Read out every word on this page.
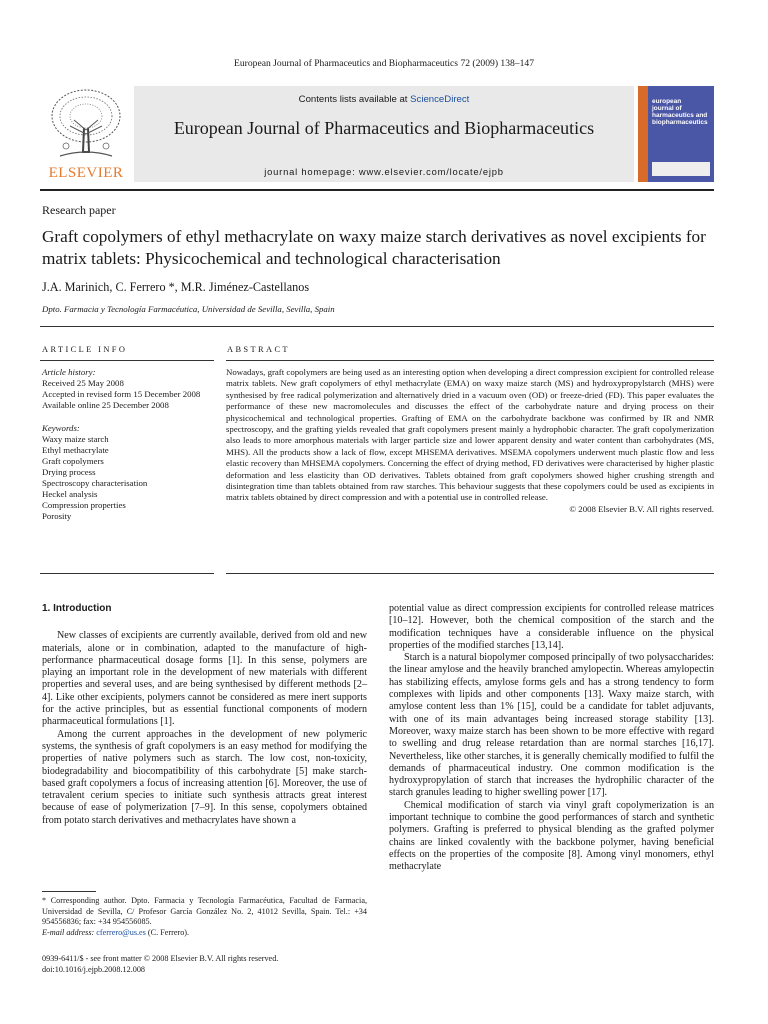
European Journal of Pharmaceutics and Biopharmaceutics 72 (2009) 138–147
ELSEVIER
Contents lists available at ScienceDirect
European Journal of Pharmaceutics and Biopharmaceutics
journal homepage: www.elsevier.com/locate/ejpb
european
journal of
harmaceutics and
biopharmaceutics
Research paper
Graft copolymers of ethyl methacrylate on waxy maize starch derivatives as novel excipients for matrix tablets: Physicochemical and technological characterisation
J.A. Marinich, C. Ferrero *, M.R. Jiménez-Castellanos
Dpto. Farmacia y Tecnología Farmacéutica, Universidad de Sevilla, Sevilla, Spain
ARTICLE INFO	ABSTRACT
Article history:
Received 25 May 2008
Accepted in revised form 15 December 2008
Available online 25 December 2008
Keywords:
Waxy maize starch
Ethyl methacrylate
Graft copolymers
Drying process
Spectroscopy characterisation
Heckel analysis
Compression properties
Porosity
Nowadays, graft copolymers are being used as an interesting option when developing a direct compression excipient for controlled release matrix tablets. New graft copolymers of ethyl methacrylate (EMA) on waxy maize starch (MS) and hydroxypropylstarch (MHS) were synthesised by free radical polymerization and alternatively dried in a vacuum oven (OD) or freeze-dried (FD). This paper evaluates the performance of these new macromolecules and discusses the effect of the carbohydrate nature and drying process on their physicochemical and technological properties. Grafting of EMA on the carbohydrate backbone was confirmed by IR and NMR spectroscopy, and the grafting yields revealed that graft copolymers present mainly a hydrophobic character. The graft copolymerization also leads to more amorphous materials with larger particle size and lower apparent density and water content than carbohydrates (MS, MHS). All the products show a lack of flow, except MHSEMA derivatives. MSEMA copolymers underwent much plastic flow and less elastic recovery than MHSEMA copolymers. Concerning the effect of drying method, FD derivatives were characterised by higher plastic deformation and less elasticity than OD derivatives. Tablets obtained from graft copolymers showed higher crushing strength and disintegration time than tablets obtained from raw starches. This behaviour suggests that these copolymers could be used as excipients in matrix tablets obtained by direct compression and with a potential use in controlled release.
© 2008 Elsevier B.V. All rights reserved.
1. Introduction

New classes of excipients are currently available, derived from old and new materials, alone or in combination, adapted to the manufacture of high-performance pharmaceutical dosage forms [1]. In this sense, polymers are playing an important role in the development of new materials with different properties and several uses, and are being synthesised by different methods [2–4]. Like other excipients, polymers cannot be considered as mere inert supports for the active principles, but as essential functional components of modern pharmaceutical formulations [1].

Among the current approaches in the development of new polymeric systems, the synthesis of graft copolymers is an easy method for modifying the properties of native polymers such as starch. The low cost, non-toxicity, biodegradability and biocompatibility of this carbohydrate [5] make starch-based graft copolymers a focus of increasing attention [6]. Moreover, the use of tetravalent cerium species to initiate such synthesis attracts great interest because of ease of polymerization [7–9]. In this sense, copolymers obtained from potato starch derivatives and methacrylates have shown a

potential value as direct compression excipients for controlled release matrices [10–12]. However, both the chemical composition of the starch and the modification techniques have a considerable influence on the physical properties of the modified starches [13,14].

Starch is a natural biopolymer composed principally of two polysaccharides: the linear amylose and the heavily branched amylopectin. Whereas amylopectin has stabilizing effects, amylose forms gels and has a strong tendency to form complexes with lipids and other components [13]. Waxy maize starch, with amylose content less than 1% [15], could be a candidate for tablet adjuvants, with one of its main advantages being increased storage stability [13]. Moreover, waxy maize starch has been shown to be more effective with regard to swelling and drug release retardation than are normal starches [16,17]. Nevertheless, like other starches, it is generally chemically modified to fulfil the demands of pharmaceutical industry. One common modification is the hydroxypropylation of starch that increases the hydrophilic character of the starch granules leading to higher swelling power [17].

Chemical modification of starch via vinyl graft copolymerization is an important technique to combine the good performances of starch and synthetic polymers. Grafting is preferred to physical blending as the grafted polymer chains are linked covalently with the backbone polymer, having beneficial effects on the properties of the composite [8]. Among vinyl monomers, ethyl methacrylate

* Corresponding author. Dpto. Farmacia y Tecnología Farmacéutica, Facultad de Farmacia, Universidad de Sevilla, C/ Profesor García González No. 2, 41012 Sevilla, Spain. Tel.: +34 954556836; fax: +34 954556085.
E-mail address: cferrero@us.es (C. Ferrero).
0939-6411/$ - see front matter © 2008 Elsevier B.V. All rights reserved.
doi:10.1016/j.ejpb.2008.12.008
